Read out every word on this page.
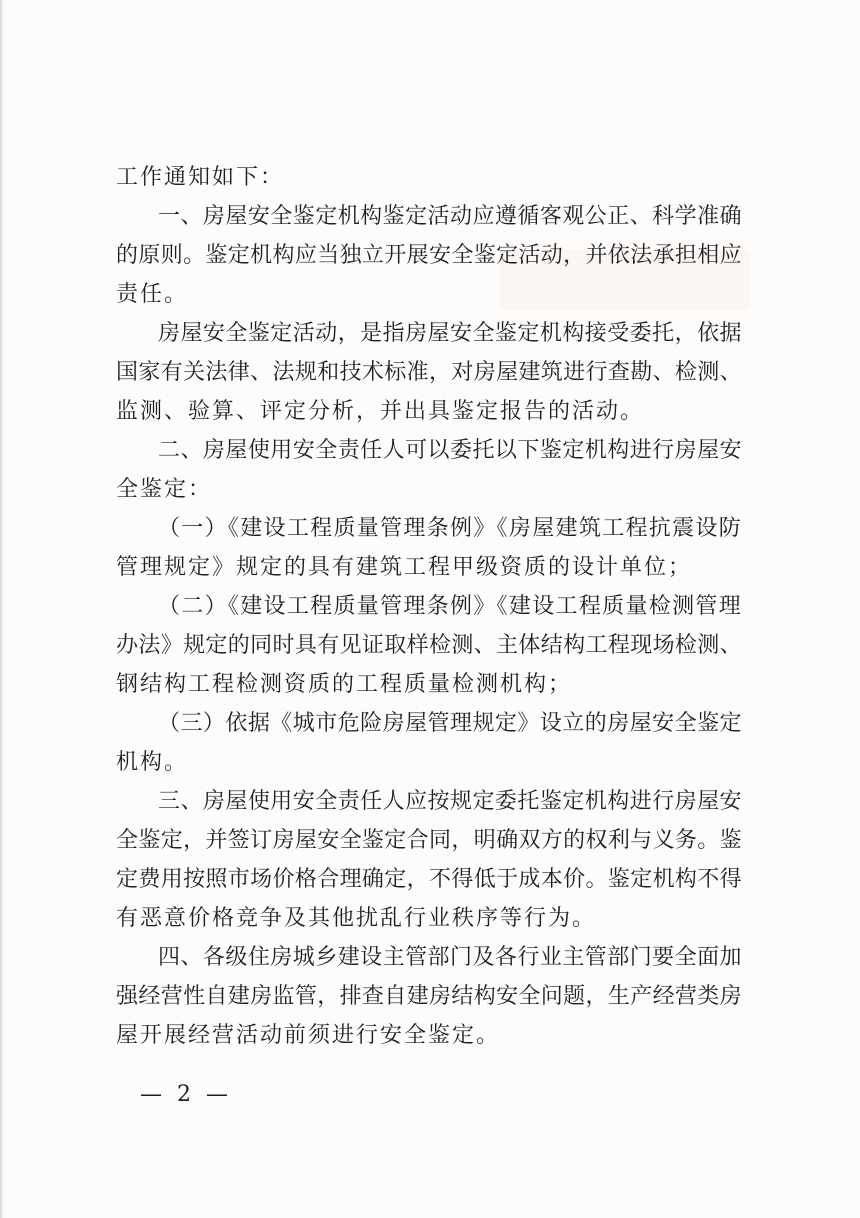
工作通知如下：
一、房屋安全鉴定机构鉴定活动应遵循客观公正、科学准确
的原则。鉴定机构应当独立开展安全鉴定活动，并依法承担相应
责任。
房屋安全鉴定活动，是指房屋安全鉴定机构接受委托，依据
国家有关法律、法规和技术标准，对房屋建筑进行查勘、检测、
监测、验算、评定分析，并出具鉴定报告的活动。
二、房屋使用安全责任人可以委托以下鉴定机构进行房屋安
全鉴定：
（一）《建设工程质量管理条例》《房屋建筑工程抗震设防
管理规定》规定的具有建筑工程甲级资质的设计单位；
（二）《建设工程质量管理条例》《建设工程质量检测管理
办法》规定的同时具有见证取样检测、主体结构工程现场检测、
钢结构工程检测资质的工程质量检测机构；
（三）依据《城市危险房屋管理规定》设立的房屋安全鉴定
机构。
三、房屋使用安全责任人应按规定委托鉴定机构进行房屋安
全鉴定，并签订房屋安全鉴定合同，明确双方的权利与义务。鉴
定费用按照市场价格合理确定，不得低于成本价。鉴定机构不得
有恶意价格竞争及其他扰乱行业秩序等行为。
四、各级住房城乡建设主管部门及各行业主管部门要全面加
强经营性自建房监管，排查自建房结构安全问题，生产经营类房
屋开展经营活动前须进行安全鉴定。
— 2 —
